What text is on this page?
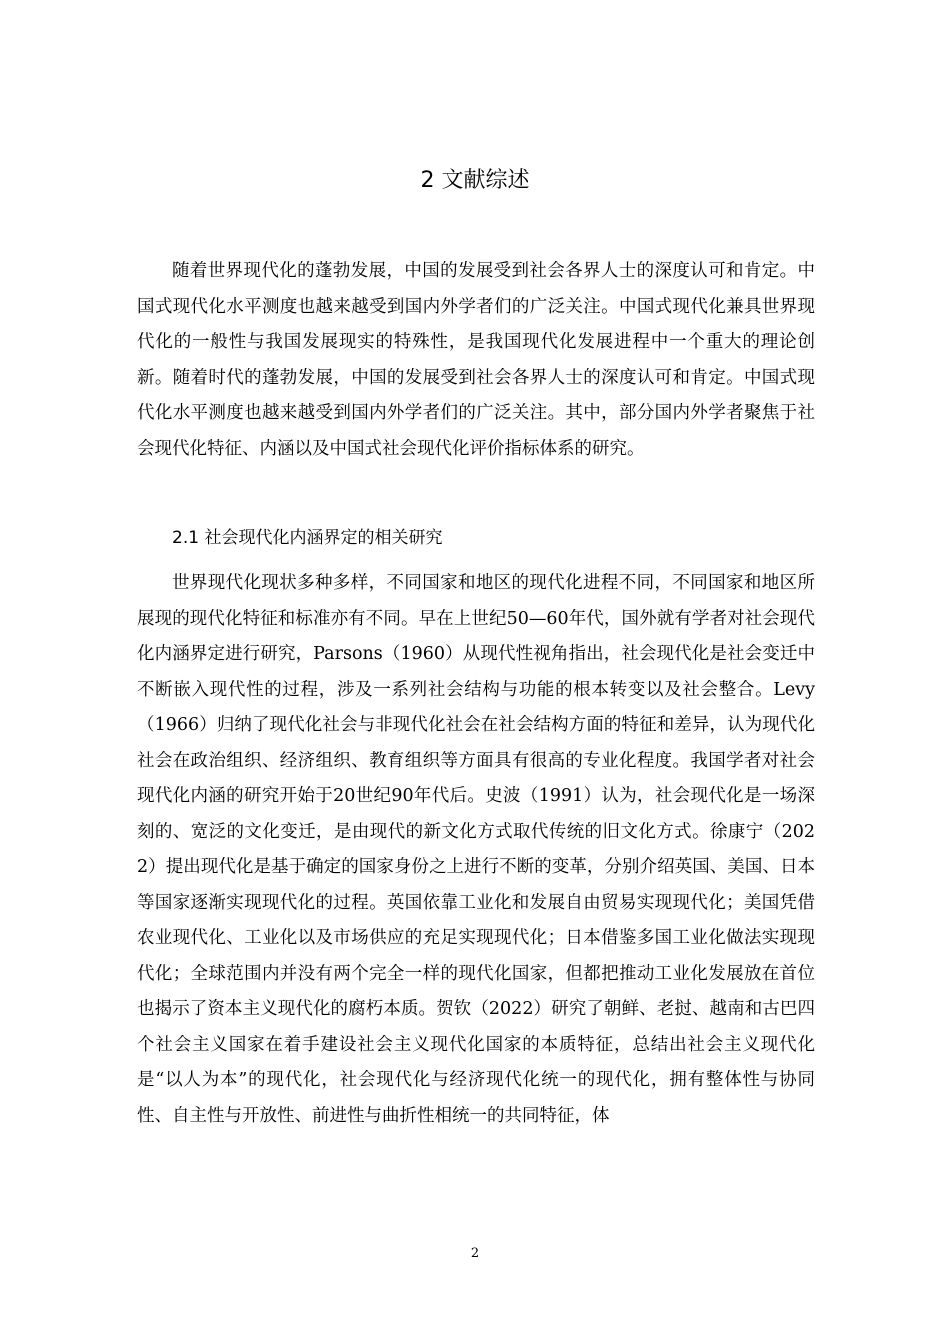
2 文献综述

随着世界现代化的蓬勃发展，中国的发展受到社会各界人士的深度认可和肯定。中国式现代化水平测度也越来越受到国内外学者们的广泛关注。中国式现代化兼具世界现代化的一般性与我国发展现实的特殊性，是我国现代化发展进程中一个重大的理论创新。随着时代的蓬勃发展，中国的发展受到社会各界人士的深度认可和肯定。中国式现代化水平测度也越来越受到国内外学者们的广泛关注。其中，部分国内外学者聚焦于社会现代化特征、内涵以及中国式社会现代化评价指标体系的研究。

2.1 社会现代化内涵界定的相关研究

世界现代化现状多种多样，不同国家和地区的现代化进程不同，不同国家和地区所展现的现代化特征和标准亦有不同。早在上世纪50—60年代，国外就有学者对社会现代化内涵界定进行研究，Parsons（1960）从现代性视角指出，社会现代化是社会变迁中不断嵌入现代性的过程，涉及一系列社会结构与功能的根本转变以及社会整合。Levy（1966）归纳了现代化社会与非现代化社会在社会结构方面的特征和差异，认为现代化社会在政治组织、经济组织、教育组织等方面具有很高的专业化程度。我国学者对社会现代化内涵的研究开始于20世纪90年代后。史波（1991）认为，社会现代化是一场深刻的、宽泛的文化变迁，是由现代的新文化方式取代传统的旧文化方式。徐康宁（2022）提出现代化是基于确定的国家身份之上进行不断的变革，分别介绍英国、美国、日本等国家逐渐实现现代化的过程。英国依靠工业化和发展自由贸易实现现代化；美国凭借农业现代化、工业化以及市场供应的充足实现现代化；日本借鉴多国工业化做法实现现代化；全球范围内并没有两个完全一样的现代化国家，但都把推动工业化发展放在首位也揭示了资本主义现代化的腐朽本质。贺钦（2022）研究了朝鲜、老挝、越南和古巴四个社会主义国家在着手建设社会主义现代化国家的本质特征，总结出社会主义现代化是“以人为本”的现代化，社会现代化与经济现代化统一的现代化，拥有整体性与协同性、自主性与开放性、前进性与曲折性相统一的共同特征，体

2
